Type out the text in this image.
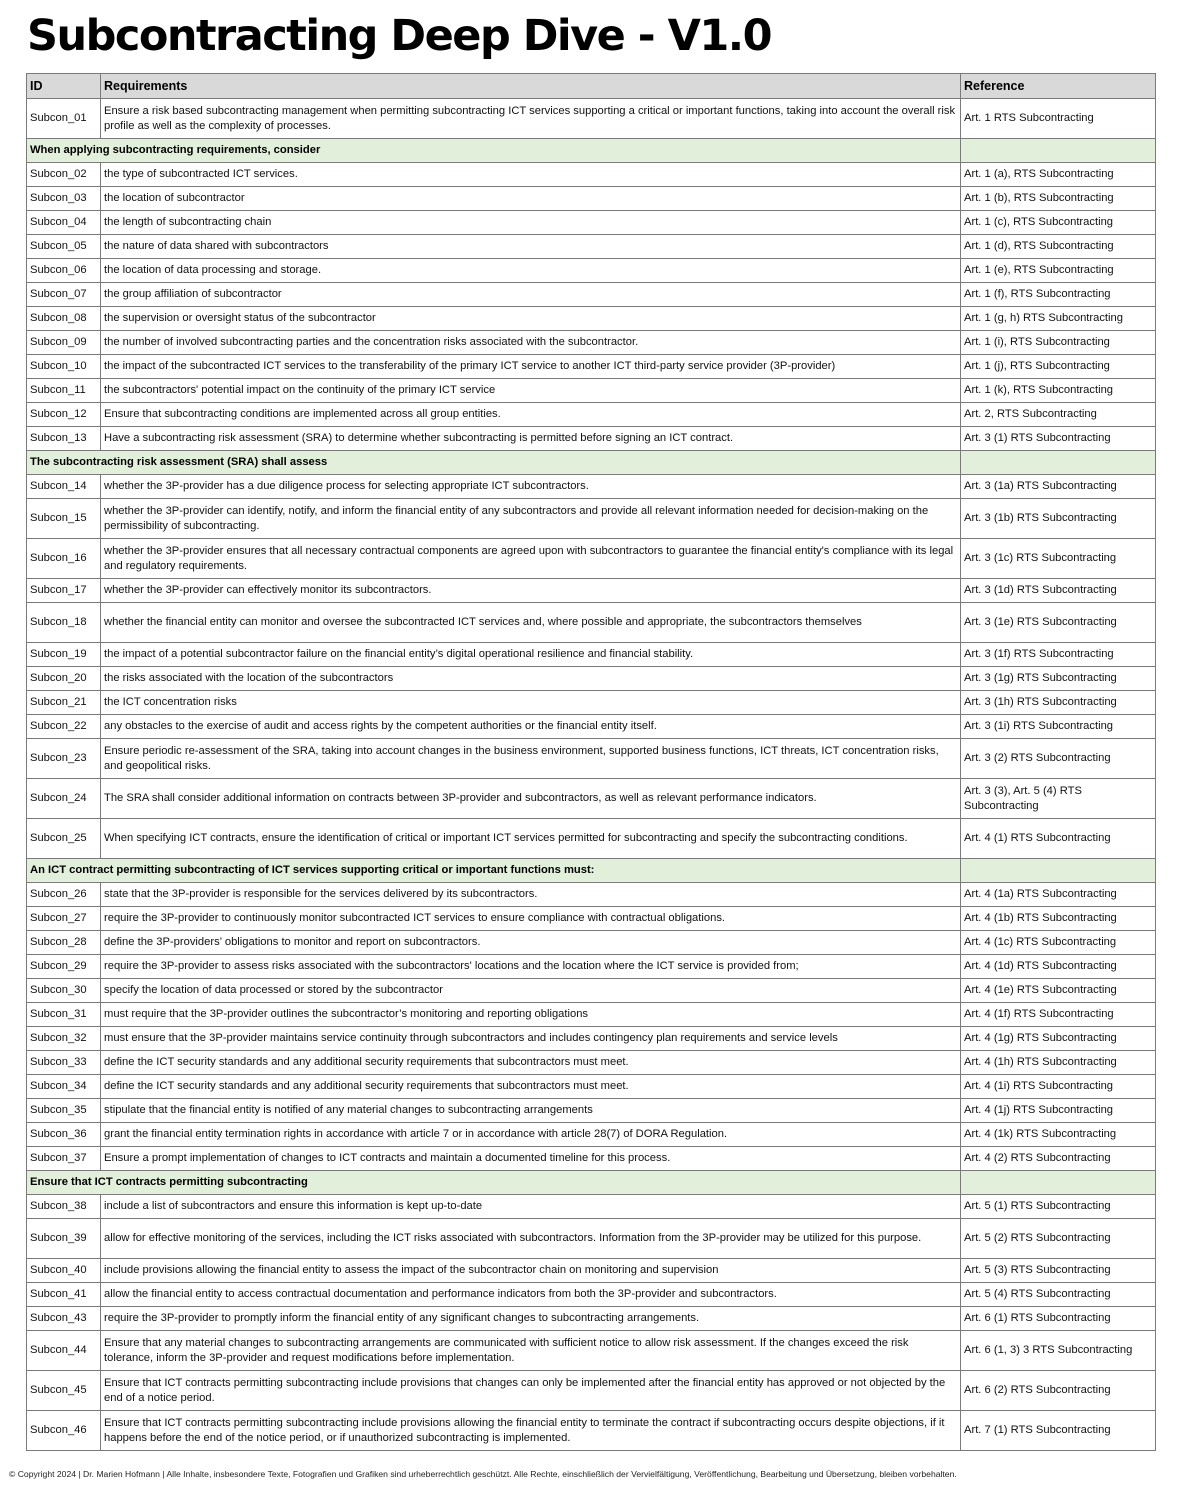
Subcontracting Deep Dive - V1.0
ID	Requirements	Reference
Subcon_01	Ensure a risk based subcontracting management when permitting subcontracting ICT services supporting a critical or important functions, taking into account the overall risk profile as well as the complexity of processes.	Art. 1 RTS Subcontracting
When applying subcontracting requirements, consider		
Subcon_02	the type of subcontracted ICT services.	Art. 1 (a), RTS Subcontracting
Subcon_03	the location of subcontractor	Art. 1 (b), RTS Subcontracting
Subcon_04	the length of subcontracting chain	Art. 1 (c), RTS Subcontracting
Subcon_05	the nature of data shared with subcontractors	Art. 1 (d), RTS Subcontracting
Subcon_06	the location of data processing and storage.	Art. 1 (e), RTS Subcontracting
Subcon_07	the group affiliation of subcontractor	Art. 1 (f), RTS Subcontracting
Subcon_08	the supervision or oversight status of the subcontractor	Art. 1 (g, h) RTS Subcontracting
Subcon_09	the number of involved subcontracting parties and the concentration risks associated with the subcontractor.	Art. 1 (i), RTS Subcontracting
Subcon_10	the impact of the subcontracted ICT services to the transferability of the primary ICT service to another ICT third-party service provider (3P-provider)	Art. 1 (j), RTS Subcontracting
Subcon_11	the subcontractors' potential impact on the continuity of the primary ICT service	Art. 1 (k), RTS Subcontracting
Subcon_12	Ensure that subcontracting conditions are implemented across all group entities.	Art. 2, RTS Subcontracting
Subcon_13	Have a subcontracting risk assessment (SRA) to determine whether subcontracting is permitted before signing an ICT contract.	Art. 3 (1) RTS Subcontracting
The subcontracting risk assessment (SRA) shall assess		
Subcon_14	whether the 3P-provider has a due diligence process for selecting appropriate ICT subcontractors.	Art. 3 (1a) RTS Subcontracting
Subcon_15	whether the 3P-provider can identify, notify, and inform the financial entity of any subcontractors and provide all relevant information needed for decision-making on the permissibility of subcontracting.	Art. 3 (1b) RTS Subcontracting
Subcon_16	whether the 3P-provider ensures that all necessary contractual components are agreed upon with subcontractors to guarantee the financial entity's compliance with its legal and regulatory requirements.	Art. 3 (1c) RTS Subcontracting
Subcon_17	whether the 3P-provider can effectively monitor its subcontractors.	Art. 3 (1d) RTS Subcontracting
Subcon_18	whether the financial entity can monitor and oversee the subcontracted ICT services and, where possible and appropriate, the subcontractors themselves	Art. 3 (1e) RTS Subcontracting
Subcon_19	the impact of a potential subcontractor failure on the financial entity’s digital operational resilience and financial stability.	Art. 3 (1f) RTS Subcontracting
Subcon_20	the risks associated with the location of the subcontractors	Art. 3 (1g) RTS Subcontracting
Subcon_21	the ICT concentration risks	Art. 3 (1h) RTS Subcontracting
Subcon_22	any obstacles to the exercise of audit and access rights by the competent authorities or the financial entity itself.	Art. 3 (1i) RTS Subcontracting
Subcon_23	Ensure periodic re-assessment of the SRA, taking into account changes in the business environment, supported business functions, ICT threats, ICT concentration risks, and geopolitical risks.	Art. 3 (2) RTS Subcontracting
Subcon_24	The SRA shall consider additional information on contracts between 3P-provider and subcontractors, as well as relevant performance indicators.	Art. 3 (3), Art. 5 (4) RTS Subcontracting
Subcon_25	When specifying ICT contracts, ensure the identification of critical or important ICT services permitted for subcontracting and specify the subcontracting conditions.	Art. 4 (1) RTS Subcontracting
An ICT contract permitting subcontracting of ICT services supporting critical or important functions must:		
Subcon_26	state that the 3P-provider is responsible for the services delivered by its subcontractors.	Art. 4 (1a) RTS Subcontracting
Subcon_27	require the 3P-provider to continuously monitor subcontracted ICT services to ensure compliance with contractual obligations.	Art. 4 (1b) RTS Subcontracting
Subcon_28	define the 3P-providers’ obligations to monitor and report on subcontractors.	Art. 4 (1c) RTS Subcontracting
Subcon_29	require the 3P-provider to assess risks associated with the subcontractors' locations and the location where the ICT service is provided from;	Art. 4 (1d) RTS Subcontracting
Subcon_30	specify the location of data processed or stored by the subcontractor	Art. 4 (1e) RTS Subcontracting
Subcon_31	must require that the 3P-provider outlines the subcontractor’s monitoring and reporting obligations	Art. 4 (1f) RTS Subcontracting
Subcon_32	must ensure that the 3P-provider maintains service continuity through subcontractors and includes contingency plan requirements and service levels	Art. 4 (1g) RTS Subcontracting
Subcon_33	define the ICT security standards and any additional security requirements that subcontractors must meet.	Art. 4 (1h) RTS Subcontracting
Subcon_34	define the ICT security standards and any additional security requirements that subcontractors must meet.	Art. 4 (1i) RTS Subcontracting
Subcon_35	stipulate that the financial entity is notified of any material changes to subcontracting arrangements	Art. 4 (1j) RTS Subcontracting
Subcon_36	grant the financial entity termination rights in accordance with article 7 or in accordance with article 28(7) of DORA Regulation.	Art. 4 (1k) RTS Subcontracting
Subcon_37	Ensure a prompt implementation of changes to ICT contracts and maintain a documented timeline for this process.	Art. 4 (2) RTS Subcontracting
Ensure that ICT contracts permitting subcontracting		
Subcon_38	include a list of subcontractors and ensure this information is kept up-to-date	Art. 5 (1) RTS Subcontracting
Subcon_39	allow for effective monitoring of the services, including the ICT risks associated with subcontractors. Information from the 3P-provider may be utilized for this purpose.	Art. 5 (2) RTS Subcontracting
Subcon_40	include provisions allowing the financial entity to assess the impact of the subcontractor chain on monitoring and supervision	Art. 5 (3) RTS Subcontracting
Subcon_41	allow the financial entity to access contractual documentation and performance indicators from both the 3P-provider and subcontractors.	Art. 5 (4) RTS Subcontracting
Subcon_43	require the 3P-provider to promptly inform the financial entity of any significant changes to subcontracting arrangements.	Art. 6 (1) RTS Subcontracting
Subcon_44	Ensure that any material changes to subcontracting arrangements are communicated with sufficient notice to allow risk assessment. If the changes exceed the risk tolerance, inform the 3P-provider and request modifications before implementation.	Art. 6 (1, 3) 3 RTS Subcontracting
Subcon_45	Ensure that ICT contracts permitting subcontracting include provisions that changes can only be implemented after the financial entity has approved or not objected by the end of a notice period.	Art. 6 (2) RTS Subcontracting
Subcon_46	Ensure that ICT contracts permitting subcontracting include provisions allowing the financial entity to terminate the contract if subcontracting occurs despite objections, if it happens before the end of the notice period, or if unauthorized subcontracting is implemented.	Art. 7 (1) RTS Subcontracting
© Copyright 2024 | Dr. Marien Hofmann | Alle Inhalte, insbesondere Texte, Fotografien und Grafiken sind urheberrechtlich geschützt. Alle Rechte, einschließlich der Vervielfältigung, Veröffentlichung, Bearbeitung und Übersetzung, bleiben vorbehalten.
